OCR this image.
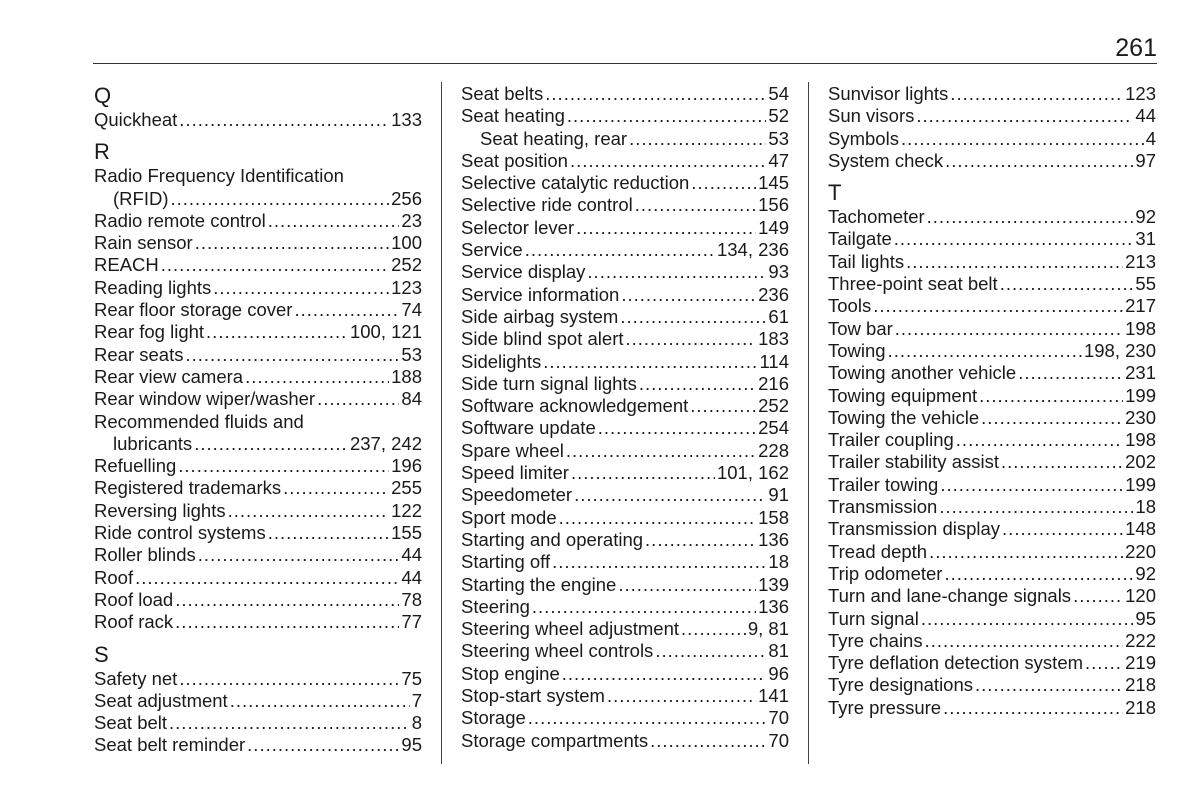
261
Q
Quickheat .....	133
R
Radio Frequency Identification
(RFID) .....	256
Radio remote control .....	23
Rain sensor .....	100
REACH .....	252
Reading lights .....	123
Rear floor storage cover .....	74
Rear fog light .....	100, 121
Rear seats .....	53
Rear view camera .....	188
Rear window wiper/washer .....	84
Recommended fluids and
lubricants .....	237, 242
Refuelling .....	196
Registered trademarks .....	255
Reversing lights .....	122
Ride control systems .....	155
Roller blinds .....	44
Roof .....	44
Roof load .....	78
Roof rack .....	77
S
Safety net .....	75
Seat adjustment .....	7
Seat belt .....	8
Seat belt reminder .....	95
Seat belts .....	54
Seat heating .....	52
Seat heating, rear .....	53
Seat position .....	47
Selective catalytic reduction .....	145
Selective ride control .....	156
Selector lever .....	149
Service .....	134, 236
Service display .....	93
Service information .....	236
Side airbag system .....	61
Side blind spot alert .....	183
Sidelights .....	114
Side turn signal lights .....	216
Software acknowledgement .....	252
Software update .....	254
Spare wheel .....	228
Speed limiter .....	101, 162
Speedometer .....	91
Sport mode .....	158
Starting and operating .....	136
Starting off .....	18
Starting the engine .....	139
Steering .....	136
Steering wheel adjustment .....	9, 81
Steering wheel controls .....	81
Stop engine .....	96
Stop-start system .....	141
Storage .....	70
Storage compartments .....	70
Sunvisor lights .....	123
Sun visors .....	44
Symbols .....	4
System check .....	97
T
Tachometer .....	92
Tailgate .....	31
Tail lights .....	213
Three-point seat belt .....	55
Tools .....	217
Tow bar .....	198
Towing .....	198, 230
Towing another vehicle .....	231
Towing equipment .....	199
Towing the vehicle .....	230
Trailer coupling .....	198
Trailer stability assist .....	202
Trailer towing .....	199
Transmission .....	18
Transmission display .....	148
Tread depth .....	220
Trip odometer .....	92
Turn and lane-change signals .....	120
Turn signal .....	95
Tyre chains .....	222
Tyre deflation detection system ..... 219
Tyre designations .....	218
Tyre pressure .....	218
